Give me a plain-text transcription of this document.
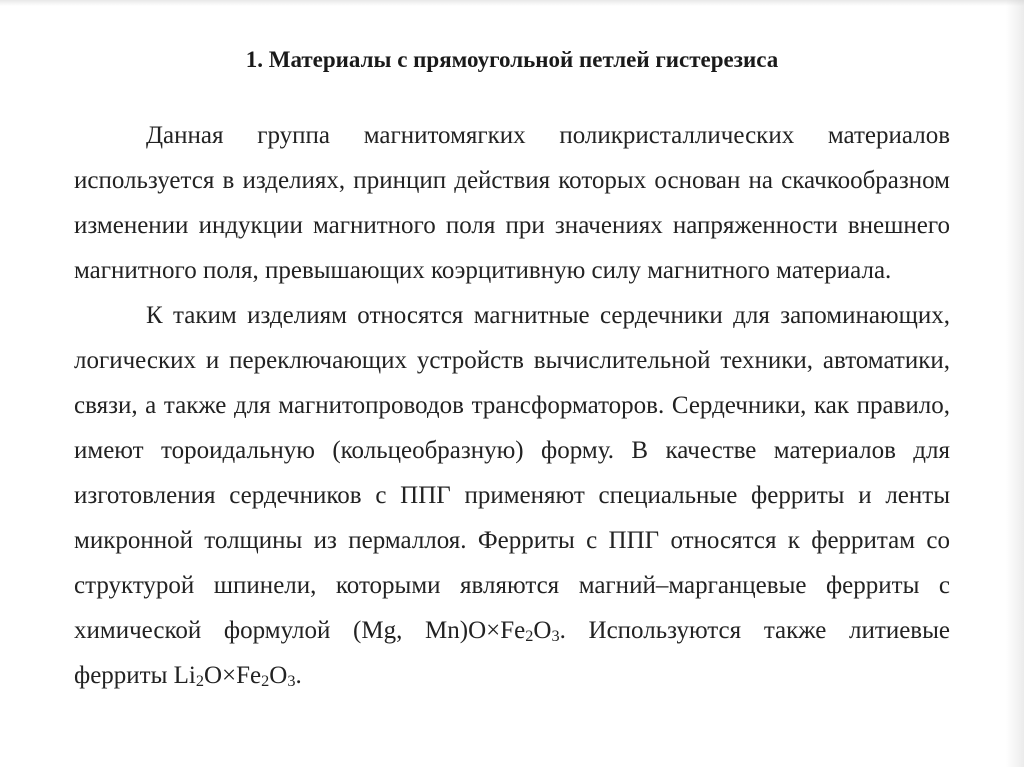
1. Материалы с прямоугольной петлей гистерезиса

Данная группа магнитомягких поликристаллических материалов используется в изделиях, принцип действия которых основан на скачкообразном изменении индукции магнитного поля при значениях напряженности внешнего магнитного поля, превышающих коэрцитивную силу магнитного материала.

К таким изделиям относятся магнитные сердечники для запоминающих, логических и переключающих устройств вычислительной техники, автоматики, связи, а также для магнитопроводов трансформаторов. Сердечники, как правило, имеют тороидальную (кольцеобразную) форму. В качестве материалов для изготовления сердечников с ППГ применяют специальные ферриты и ленты микронной толщины из пермаллоя. Ферриты с ППГ относятся к ферритам со структурой шпинели, которыми являются магний–марганцевые ферриты с химической формулой (Mg, $Mn)O\times Fe_2O_3$. Используются также литиевые ферриты $Li_2O\times Fe_2O_3$.
